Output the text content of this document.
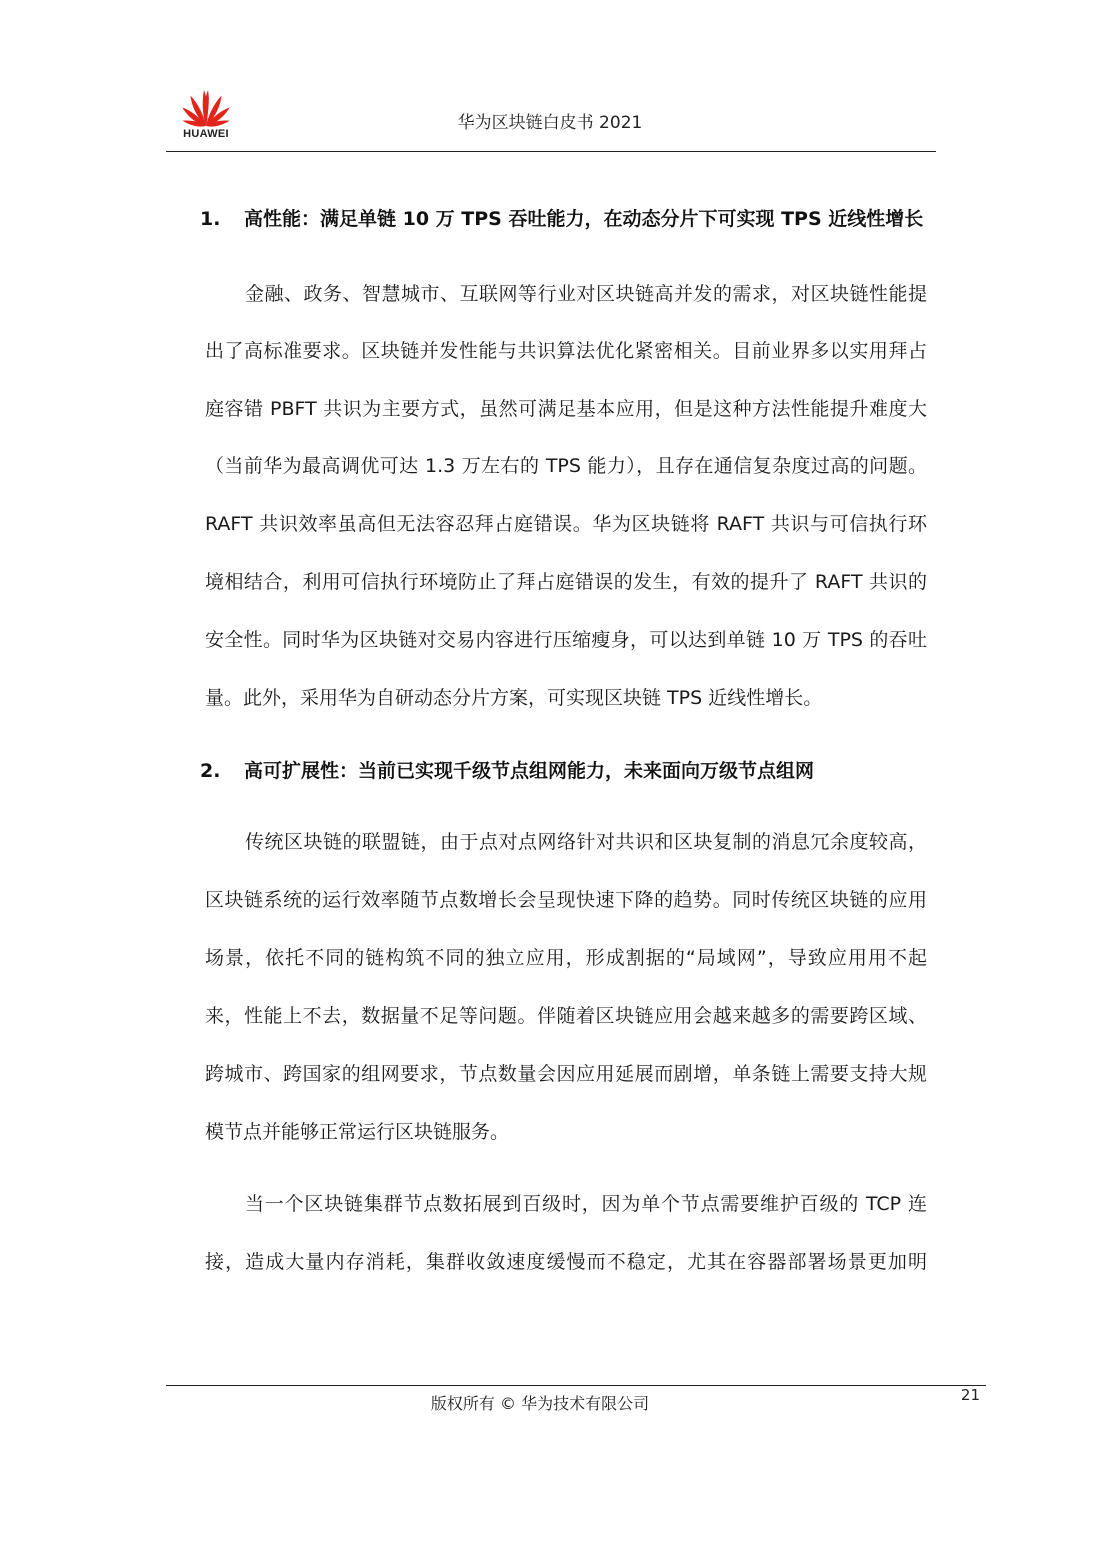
HUAWEI
华为区块链白皮书 2021
1. 高性能：满足单链 10 万 TPS 吞吐能力，在动态分片下可实现 TPS 近线性增长
金融、政务、智慧城市、互联网等行业对区块链高并发的需求，对区块链性能提
出了高标准要求。区块链并发性能与共识算法优化紧密相关。目前业界多以实用拜占
庭容错 PBFT 共识为主要方式，虽然可满足基本应用，但是这种方法性能提升难度大
（当前华为最高调优可达 1.3 万左右的 TPS 能力），且存在通信复杂度过高的问题。
RAFT 共识效率虽高但无法容忍拜占庭错误。华为区块链将 RAFT 共识与可信执行环
境相结合，利用可信执行环境防止了拜占庭错误的发生，有效的提升了 RAFT 共识的
安全性。同时华为区块链对交易内容进行压缩瘦身，可以达到单链 10 万 TPS 的吞吐
量。此外，采用华为自研动态分片方案，可实现区块链 TPS 近线性增长。
2. 高可扩展性：当前已实现千级节点组网能力，未来面向万级节点组网
传统区块链的联盟链，由于点对点网络针对共识和区块复制的消息冗余度较高，
区块链系统的运行效率随节点数增长会呈现快速下降的趋势。同时传统区块链的应用
场景，依托不同的链构筑不同的独立应用，形成割据的“局域网”，导致应用用不起
来，性能上不去，数据量不足等问题。伴随着区块链应用会越来越多的需要跨区域、
跨城市、跨国家的组网要求，节点数量会因应用延展而剧增，单条链上需要支持大规
模节点并能够正常运行区块链服务。
当一个区块链集群节点数拓展到百级时，因为单个节点需要维护百级的 TCP 连
接，造成大量内存消耗，集群收敛速度缓慢而不稳定，尤其在容器部署场景更加明
版权所有 © 华为技术有限公司	21
